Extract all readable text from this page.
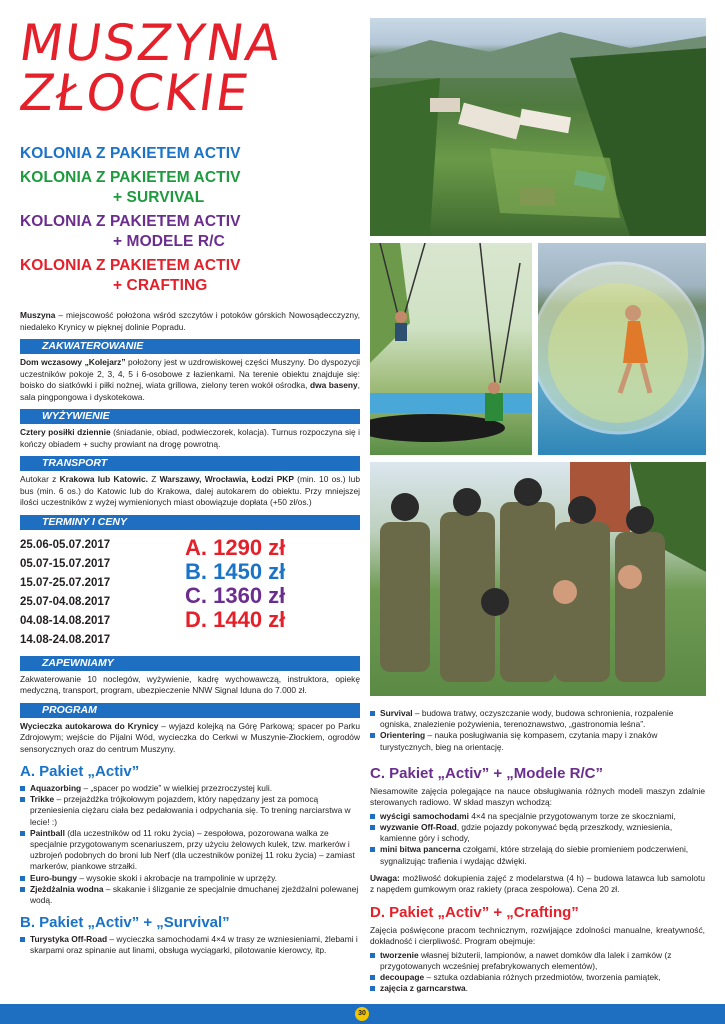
MUSZYNA
ZŁOCKIE
KOLONIA Z PAKIETEM ACTIV
KOLONIA Z PAKIETEM ACTIV
+ SURVIVAL
KOLONIA Z PAKIETEM ACTIV
+ MODELE R/C
KOLONIA Z PAKIETEM ACTIV
+ CRAFTING
Muszyna – miejscowość położona wśród szczytów i potoków górskich Nowosądecczyzny, niedaleko Krynicy w pięknej dolinie Popradu.
ZAKWATEROWANIE
Dom wczasowy „Kolejarz” położony jest w uzdrowiskowej części Muszyny. Do dyspozycji uczestników pokoje 2, 3, 4, 5 i 6-osobowe z łazienkami. Na terenie obiektu znajduje się: boisko do siatkówki i piłki nożnej, wiata grillowa, zielony teren wokół ośrodka, dwa baseny, sala pingpongowa i dyskotekowa.
WYŻYWIENIE
Cztery posiłki dziennie (śniadanie, obiad, podwieczorek, kolacja). Turnus rozpoczyna się i kończy obiadem + suchy prowiant na drogę powrotną.
TRANSPORT
Autokar z Krakowa lub Katowic. Z Warszawy, Wrocławia, Łodzi PKP (min. 10 os.) lub bus (min. 6 os.) do Katowic lub do Krakowa, dalej autokarem do obiektu. Przy mniejszej ilości uczestników z wyżej wymienionych miast obowiązuje dopłata (+50 zł/os.)
TERMINY I CENY
25.06-05.07.2017
05.07-15.07.2017
15.07-25.07.2017
25.07-04.08.2017
04.08-14.08.2017
14.08-24.08.2017
A. 1290 zł
B. 1450 zł
C. 1360 zł
D. 1440 zł
ZAPEWNIAMY
Zakwaterowanie 10 noclegów, wyżywienie, kadrę wychowawczą, instruktora, opiekę medyczną, transport, program, ubezpieczenie NNW Signal Iduna do 7.000 zł.
PROGRAM
Wycieczka autokarowa do Krynicy – wyjazd kolejką na Górę Parkową; spacer po Parku Zdrojowym; wejście do Pijalni Wód, wycieczka do Cerkwi w Muszynie-Złockiem, ogrodów sensorycznych oraz do centrum Muszyny.
A. Pakiet „Activ”
Aquazorbing – „spacer po wodzie” w wielkiej przezroczystej kuli.
Trikke – przejażdżka trójkołowym pojazdem, który napędzany jest za pomocą przeniesienia ciężaru ciała bez pedałowania i odpychania się. To trening narciarstwa w lecie! :)
Paintball (dla uczestników od 11 roku życia) – zespołowa, pozorowana walka ze specjalnie przygotowanym scenariuszem, przy użyciu żelowych kulek, tzw. markerów i uzbrojeń podobnych do broni lub Nerf (dla uczestników poniżej 11 roku życia) – zamiast markerów, piankowe strzałki.
Euro-bungy – wysokie skoki i akrobacje na trampolinie w uprzęży.
Zjeżdżalnia wodna – skakanie i ślizganie ze specjalnie dmuchanej zjeżdżalni polewanej wodą.
B. Pakiet „Activ” + „Survival”
Turystyka Off-Road – wycieczka samochodami 4×4 w trasy ze wzniesieniami, żlebami i skarpami oraz spinanie aut linami, obsługa wyciągarki, pilotowanie kierowcy, itp.
Survival – budowa tratwy, oczyszczanie wody, budowa schronienia, rozpalenie ogniska, znalezienie pożywienia, terenoznawstwo, „gastronomia leśna”.
Orientering – nauka posługiwania się kompasem, czytania mapy i znaków turystycznych, bieg na orientację.
C. Pakiet „Activ” + „Modele R/C”
Niesamowite zajęcia polegające na nauce obsługiwania różnych modeli maszyn zdalnie sterowanych radiowo. W skład maszyn wchodzą:
wyścigi samochodami 4×4 na specjalnie przygotowanym torze ze skoczniami,
wyzwanie Off-Road, gdzie pojazdy pokonywać będą przeszkody, wzniesienia, kamienne góry i schody,
mini bitwa pancerna czołgami, które strzelają do siebie promieniem podczerwieni, sygnalizując trafienia i wydając dźwięki.
Uwaga: możliwość dokupienia zajęć z modelarstwa (4 h) – budowa latawca lub samolotu z napędem gumkowym oraz rakiety (praca zespołowa). Cena 20 zł.
D. Pakiet „Activ” + „Crafting”
Zajęcia poświęcone pracom technicznym, rozwijające zdolności manualne, kreatywność, dokładność i cierpliwość. Program obejmuje:
tworzenie własnej biżuterii, lampionów, a nawet domków dla lalek i zamków (z przygotowanych wcześniej prefabrykowanych elementów),
decoupage – sztuka ozdabiania różnych przedmiotów, tworzenia pamiątek,
zajęcia z garncarstwa.
30
